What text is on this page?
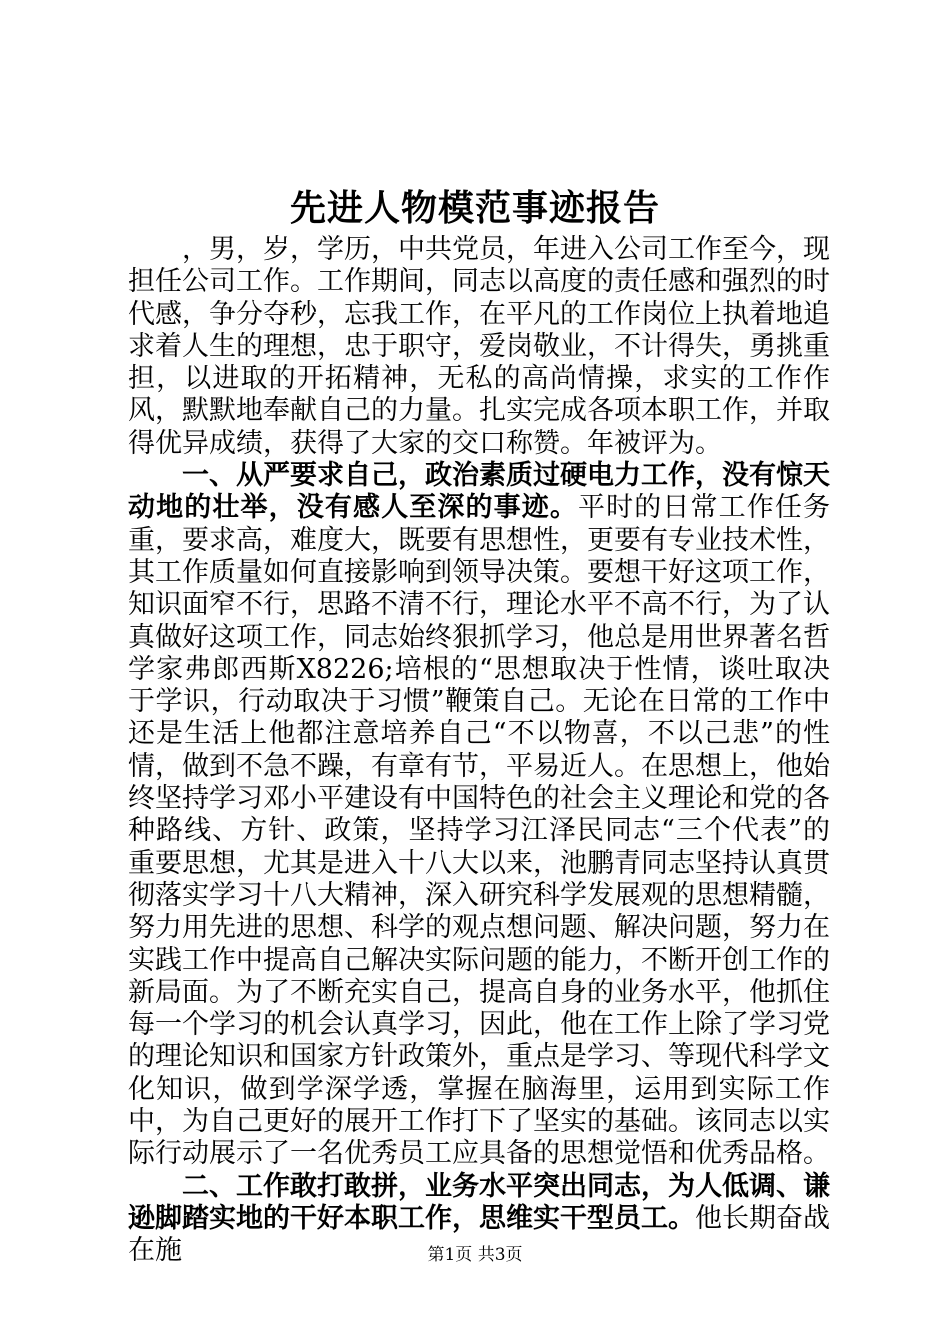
先进人物模范事迹报告

，男，岁，学历，中共党员，年进入公司工作至今，现担任公司工作。工作期间，同志以高度的责任感和强烈的时代感，争分夺秒，忘我工作，在平凡的工作岗位上执着地追求着人生的理想，忠于职守，爱岗敬业，不计得失，勇挑重担，以进取的开拓精神，无私的高尚情操，求实的工作作风，默默地奉献自己的力量。扎实完成各项本职工作，并取得优异成绩，获得了大家的交口称赞。年被评为。

一、从严要求自己，政治素质过硬电力工作，没有惊天动地的壮举，没有感人至深的事迹。平时的日常工作任务重，要求高，难度大，既要有思想性，更要有专业技术性，其工作质量如何直接影响到领导决策。要想干好这项工作，知识面窄不行，思路不清不行，理论水平不高不行，为了认真做好这项工作，同志始终狠抓学习，他总是用世界著名哲学家弗郎西斯X8226;培根的“思想取决于性情，谈吐取决于学识，行动取决于习惯”鞭策自己。无论在日常的工作中还是生活上他都注意培养自己“不以物喜，不以己悲”的性情，做到不急不躁，有章有节，平易近人。在思想上，他始终坚持学习邓小平建设有中国特色的社会主义理论和党的各种路线、方针、政策，坚持学习江泽民同志“三个代表”的重要思想，尤其是进入十八大以来，池鹏青同志坚持认真贯彻落实学习十八大精神，深入研究科学发展观的思想精髓，努力用先进的思想、科学的观点想问题、解决问题，努力在实践工作中提高自己解决实际问题的能力，不断开创工作的新局面。为了不断充实自己，提高自身的业务水平，他抓住每一个学习的机会认真学习，因此，他在工作上除了学习党的理论知识和国家方针政策外，重点是学习、等现代科学文化知识，做到学深学透，掌握在脑海里，运用到实际工作中，为自己更好的展开工作打下了坚实的基础。该同志以实际行动展示了一名优秀员工应具备的思想觉悟和优秀品格。

二、工作敢打敢拼，业务水平突出同志，为人低调、谦逊脚踏实地的干好本职工作，思维实干型员工。他长期奋战在施	第1页 共3页
